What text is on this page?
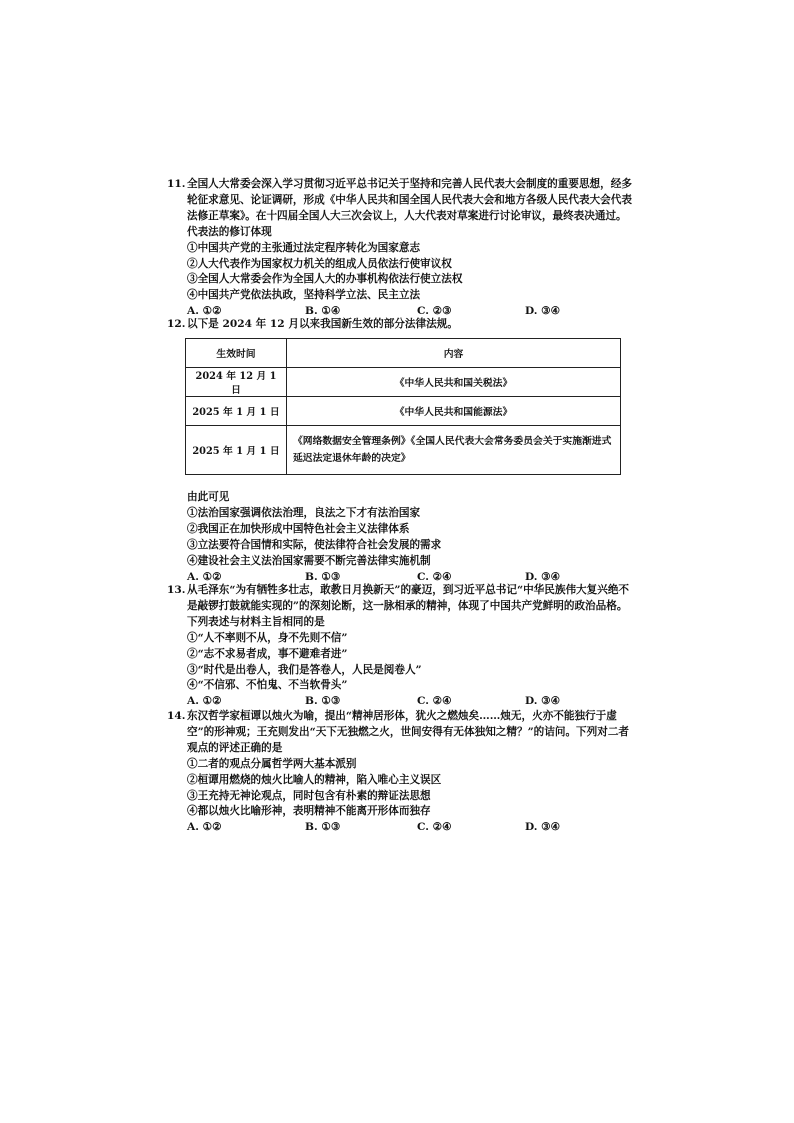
11. 全国人大常委会深入学习贯彻习近平总书记关于坚持和完善人民代表大会制度的重要思想，经多轮征求意见、论证调研，形成《中华人民共和国全国人民代表大会和地方各级人民代表大会代表法修正草案》。在十四届全国人大三次会议上，人大代表对草案进行讨论审议，最终表决通过。代表法的修订体现
①中国共产党的主张通过法定程序转化为国家意志
②人大代表作为国家权力机关的组成人员依法行使审议权
③全国人大常委会作为全国人大的办事机构依法行使立法权
④中国共产党依法执政，坚持科学立法、民主立法
A. ①②	B. ①④	C. ②③	D. ③④
12. 以下是 2024 年 12 月以来我国新生效的部分法律法规。
生效时间	内容
2024 年 12 月 1 日	《中华人民共和国关税法》
2025 年 1 月 1 日	《中华人民共和国能源法》
2025 年 1 月 1 日	《网络数据安全管理条例》《全国人民代表大会常务委员会关于实施渐进式延迟法定退休年龄的决定》
由此可见
①法治国家强调依法治理，良法之下才有法治国家
②我国正在加快形成中国特色社会主义法律体系
③立法要符合国情和实际，使法律符合社会发展的需求
④建设社会主义法治国家需要不断完善法律实施机制
A. ①②	B. ①③	C. ②④	D. ③④
13. 从毛泽东“为有牺牲多壮志，敢教日月换新天”的豪迈，到习近平总书记“中华民族伟大复兴绝不是敲锣打鼓就能实现的”的深刻论断，这一脉相承的精神，体现了中国共产党鲜明的政治品格。下列表述与材料主旨相同的是
①“人不率则不从，身不先则不信”
②“志不求易者成，事不避难者进”
③“时代是出卷人，我们是答卷人，人民是阅卷人”
④“不信邪、不怕鬼、不当软骨头”
A. ①②	B. ①③	C. ②④	D. ③④
14. 东汉哲学家桓谭以烛火为喻，提出“精神居形体，犹火之燃烛矣……烛无，火亦不能独行于虚空”的形神观；王充则发出“天下无独燃之火，世间安得有无体独知之精？”的诘问。下列对二者观点的评述正确的是
①二者的观点分属哲学两大基本派别
②桓谭用燃烧的烛火比喻人的精神，陷入唯心主义误区
③王充持无神论观点，同时包含有朴素的辩证法思想
④都以烛火比喻形神，表明精神不能离开形体而独存
A. ①②	B. ①③	C. ②④	D. ③④
